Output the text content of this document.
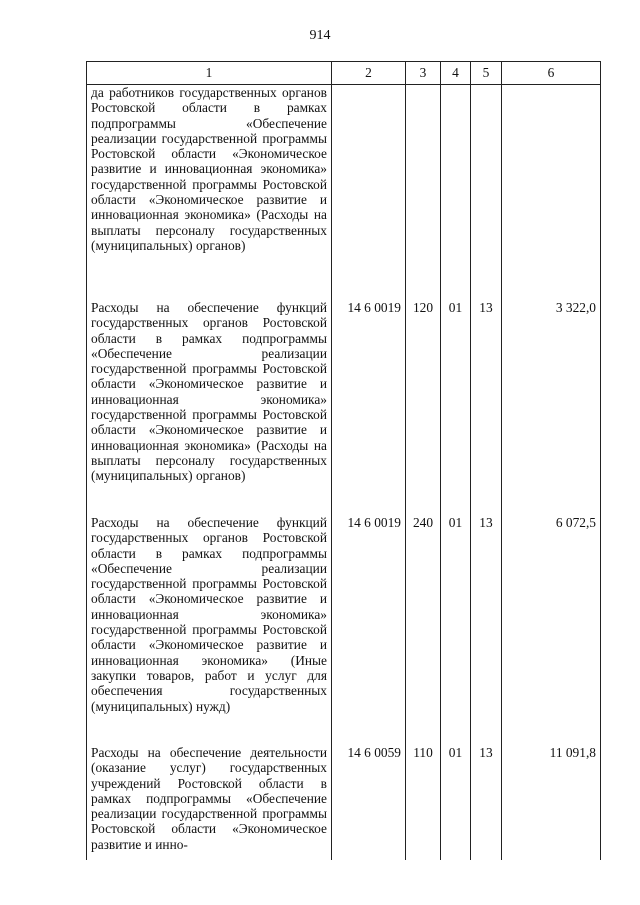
914
1	2	3	4	5	6
да работников государственных органов Ростовской области в рамках подпрограммы «Обеспечение реализации государственной программы Ростовской области «Экономическое развитие и инновационная экономика» государственной программы Ростовской области «Экономическое развитие и инновационная экономика» (Расходы на выплаты персоналу государственных (муниципальных) органов)					
Расходы на обеспечение функций государственных органов Ростовской области в рамках подпрограммы «Обеспечение реализации государственной программы Ростовской области «Экономическое развитие и инновационная экономика» государственной программы Ростовской области «Экономическое развитие и инновационная экономика» (Расходы на выплаты персоналу государственных (муниципальных) органов)	14 6 0019	120	01	13	3 322,0
Расходы на обеспечение функций государственных органов Ростовской области в рамках подпрограммы «Обеспечение реализации государственной программы Ростовской области «Экономическое развитие и инновационная экономика» государственной программы Ростовской области «Экономическое развитие и инновационная экономика» (Иные закупки товаров, работ и услуг для обеспечения государственных (муниципальных) нужд)	14 6 0019	240	01	13	6 072,5
Расходы на обеспечение деятельности (оказание услуг) государственных учреждений Ростовской области в рамках подпрограммы «Обеспечение реализации государственной программы Ростовской области «Экономическое развитие и инно-	14 6 0059	110	01	13	11 091,8
